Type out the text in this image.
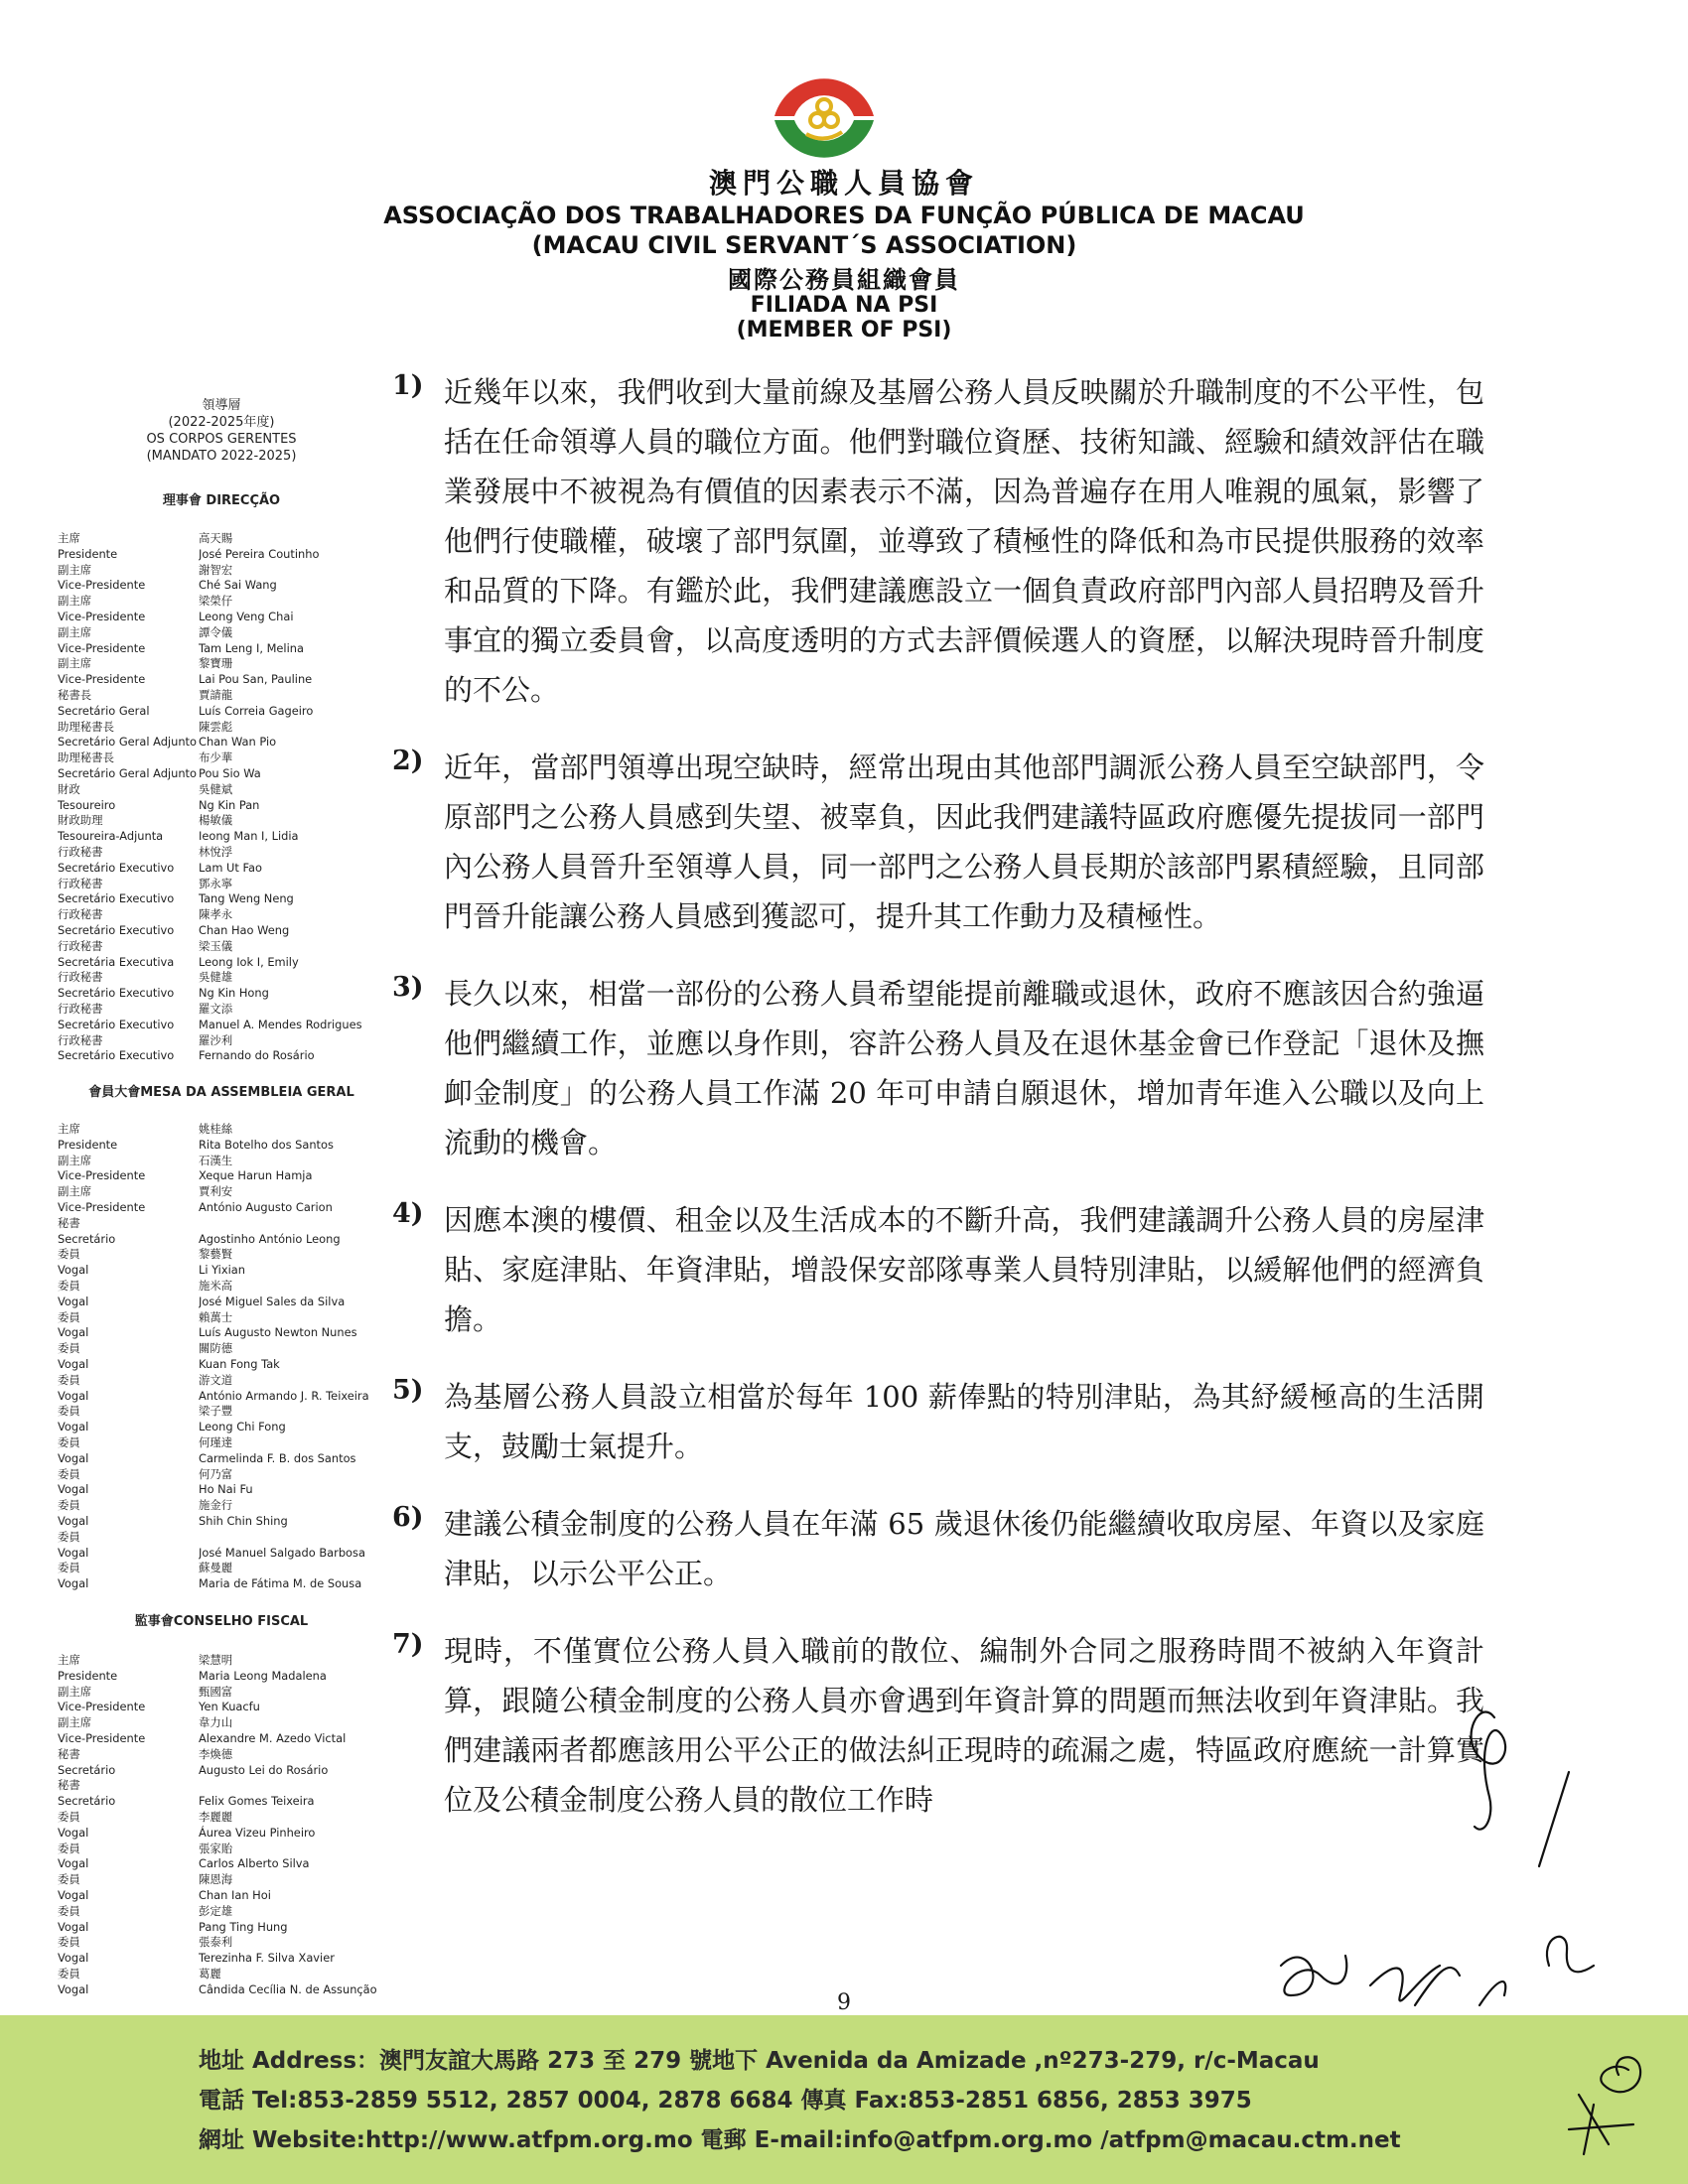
澳門公職人員協會
ASSOCIAÇÃO DOS TRABALHADORES DA FUNÇÃO PÚBLICA DE MACAU
(MACAU CIVIL SERVANT´S ASSOCIATION)
國際公務員組織會員
FILIADA NA PSI
(MEMBER OF PSI)
領導層
(2022-2025年度)
OS CORPOS GERENTES
(MANDATO 2022-2025)
理事會 DIRECÇÃO
主席	高天賜
Presidente	José Pereira Coutinho
副主席	謝智宏
Vice-Presidente	Ché Sai Wang
副主席	梁榮仔
Vice-Presidente	Leong Veng Chai
副主席	譚令儀
Vice-Presidente	Tam Leng I, Melina
副主席	黎寶珊
Vice-Presidente	Lai Pou San, Pauline
秘書長	賈請龍
Secretário Geral	Luís Correia Gageiro
助理秘書長	陳雲彪
Secretário Geral Adjunto Chan Wan Pio
助理秘書長	布少華
Secretário Geral Adjunto Pou Sio Wa
財政	吳健斌
Tesoureiro	Ng Kin Pan
財政助理	楊敏儀
Tesoureira-Adjunta	Ieong Man I, Lidia
行政秘書	林悅浮
Secretário Executivo	Lam Ut Fao
行政秘書	鄧永寧
Secretário Executivo	Tang Weng Neng
行政秘書	陳孝永
Secretário Executivo	Chan Hao Weng
行政秘書	梁玉儀
Secretária Executiva	Leong Iok I, Emily
行政秘書	吳健雄
Secretário Executivo	Ng Kin Hong
行政秘書	羅文添
Secretário Executivo	Manuel A. Mendes Rodrigues
行政秘書	羅沙利
Secretário Executivo	Fernando do Rosário
會員大會MESA DA ASSEMBLEIA GERAL
主席	姚桂絲
Presidente	Rita Botelho dos Santos
副主席	石漢生
Vice-Presidente	Xeque Harun Hamja
副主席	賈利安
Vice-Presidente	António Augusto Carion
秘書
Secretário	Agostinho António Leong
委員	黎藝賢
Vogal	Li Yixian
委員	施米高
Vogal	José Miguel Sales da Silva
委員	賴萬士
Vogal	Luís Augusto Newton Nunes
委員	關防德
Vogal	Kuan Fong Tak
委員	游文道
Vogal	António Armando J. R. Teixeira
委員	梁子豐
Vogal	Leong Chi Fong
委員	何瑾達
Vogal	Carmelinda F. B. dos Santos
委員	何乃富
Vogal	Ho Nai Fu
委員	施金行
Vogal	Shih Chin Shing
委員
Vogal	José Manuel Salgado Barbosa
委員	蘇曼麗
Vogal	Maria de Fátima M. de Sousa
監事會CONSELHO FISCAL
主席	梁慧明
Presidente	Maria Leong Madalena
副主席	甄國富
Vice-Presidente	Yen Kuacfu
副主席	韋力山
Vice-Presidente	Alexandre M. Azedo Victal
秘書	李煥德
Secretário	Augusto Lei do Rosário
秘書
Secretário	Felix Gomes Teixeira
委員	李麗麗
Vogal	Áurea Vizeu Pinheiro
委員	張家貽
Vogal	Carlos Alberto Silva
委員	陳恩海
Vogal	Chan Ian Hoi
委員	彭定雄
Vogal	Pang Ting Hung
委員	張泰利
Vogal	Terezinha F. Silva Xavier
委員	葛麗
Vogal	Cândida Cecília N. de Assunção
1) 近幾年以來，我們收到大量前線及基層公務人員反映關於升職制度的不公平性，包括在任命領導人員的職位方面。他們對職位資歷、技術知識、經驗和績效評估在職業發展中不被視為有價值的因素表示不滿，因為普遍存在用人唯親的風氣，影響了他們行使職權，破壞了部門氛圍，並導致了積極性的降低和為市民提供服務的效率和品質的下降。有鑑於此，我們建議應設立一個負責政府部門內部人員招聘及晉升事宜的獨立委員會，以高度透明的方式去評價候選人的資歷，以解決現時晉升制度的不公。
2) 近年，當部門領導出現空缺時，經常出現由其他部門調派公務人員至空缺部門，令原部門之公務人員感到失望、被辜負，因此我們建議特區政府應優先提拔同一部門內公務人員晉升至領導人員，同一部門之公務人員長期於該部門累積經驗，且同部門晉升能讓公務人員感到獲認可，提升其工作動力及積極性。
3) 長久以來，相當一部份的公務人員希望能提前離職或退休，政府不應該因合約強逼他們繼續工作，並應以身作則，容許公務人員及在退休基金會已作登記「退休及撫卹金制度」的公務人員工作滿 20 年可申請自願退休，增加青年進入公職以及向上流動的機會。
4) 因應本澳的樓價、租金以及生活成本的不斷升高，我們建議調升公務人員的房屋津貼、家庭津貼、年資津貼，增設保安部隊專業人員特別津貼，以緩解他們的經濟負擔。
5) 為基層公務人員設立相當於每年 100 薪俸點的特別津貼，為其紓緩極高的生活開支，鼓勵士氣提升。
6) 建議公積金制度的公務人員在年滿 65 歲退休後仍能繼續收取房屋、年資以及家庭津貼，以示公平公正。
7) 現時，不僅實位公務人員入職前的散位、編制外合同之服務時間不被納入年資計算，跟隨公積金制度的公務人員亦會遇到年資計算的問題而無法收到年資津貼。我們建議兩者都應該用公平公正的做法糾正現時的疏漏之處，特區政府應統一計算實位及公積金制度公務人員的散位工作時
9
地址 Address：澳門友誼大馬路 273 至 279 號地下 Avenida da Amizade ,nº273-279, r/c-Macau
電話 Tel:853-2859 5512, 2857 0004, 2878 6684 傳真 Fax:853-2851 6856, 2853 3975
網址 Website:http://www.atfpm.org.mo 電郵 E-mail:info@atfpm.org.mo /atfpm@macau.ctm.net
